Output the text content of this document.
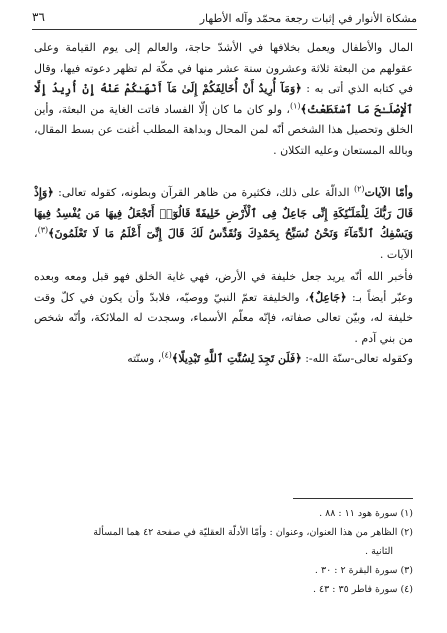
مشكاة الأنوار في إثبات رجعة محمّد وآله الأطهار
٣٦

المال والأطفال ويعمل بخلافها في الأشدّ حاجة، والعالم إلى يوم القيامة وعلى عقولهم من البعثة ثلاثة وعشرون سنة عشر منها في مكّة لم تظهر دعوته فيها، وقال في كتابه الذي أتى به : ﴿وَمَآ أُرِيدُ أَنْ أُخَالِفَكُمْ إِلَىٰ مَآ أَنْهَـٰكُمْ عَنْهُ إِنْ أُرِيدُ إِلَّا ٱلْإِصْلَـٰحَ مَا ٱسْتَطَعْتُ﴾$^{(١)}$، ولو كان ما كان إلّا الفساد فاتت الغاية من البعثة، وأين الخلق وتحصيل هذا الشخص أنّه لمن المحال وبداهة المطلب أغنت عن بسط المقال، وبالله المستعان وعليه التكلان .

وأمّا الآيات$^{(٢)}$ الدالّة على ذلك، فكثيرة من ظاهر القرآن وبطونه، كقوله تعالى: ﴿وَإِذْ قَالَ رَبُّكَ لِلْمَلَـٰٓئِكَةِ إِنِّى جَاعِلٌ فِى ٱلْأَرْضِ خَلِيفَةً قَالُوٓا۟ أَتَجْعَلُ فِيهَا مَن يُفْسِدُ فِيهَا وَيَسْفِكُ ٱلدِّمَآءَ وَنَحْنُ نُسَبِّحُ بِحَمْدِكَ وَنُقَدِّسُ لَكَ قَالَ إِنِّىٓ أَعْلَمُ مَا لَا تَعْلَمُونَ﴾$^{(٣)}$، الآيات .

فأخبر الله أنّه يريد جعل خليفة في الأرض، فهي غاية الخلق فهو قبل ومعه وبعده وعبّر أيضاً بـ: ﴿جَاعِلٌ﴾، والخليفة تعمّ النبيّ ووصيّه، فلابدّ وأن يكون في كلّ وقت خليفة له، وبيّن تعالى صفاته، فإنّه معلّم الأسماء، وسجدت له الملائكة، وأنّه شخص من بني آدم .

وكقوله تعالى-سنّة الله-: ﴿فَلَن تَجِدَ لِسُنَّتِ ٱللَّهِ تَبْدِيلًا﴾$^{(٤)}$، وسنّته

(١) سورة هود ١١ : ٨٨ .

(٢) الظاهر من هذا العنوان، وعنوان : وأمّا الأدلّة العقليّة في صفحة ٤٢ هما المسألة

الثانية .

(٣) سورة البقرة ٢ : ٣٠ .

(٤) سورة فاطر ٣٥ : ٤٣ .
